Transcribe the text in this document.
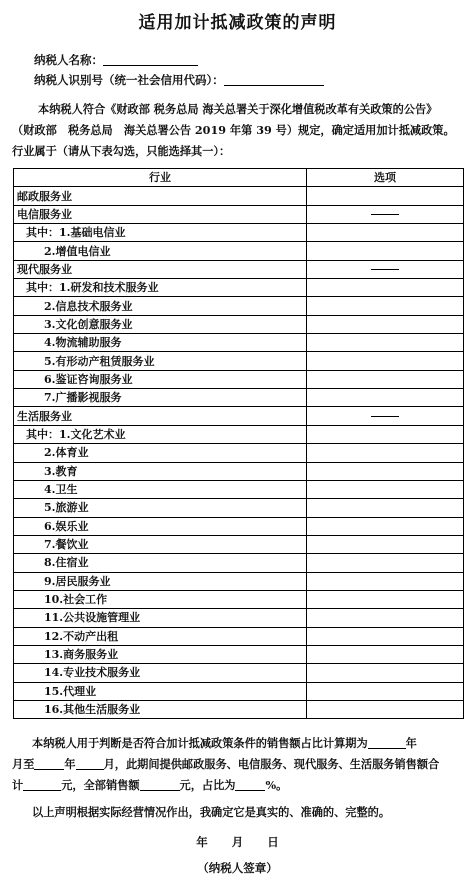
适用加计抵减政策的声明
纳税人名称：
纳税人识别号（统一社会信用代码）：
本纳税人符合《财政部 税务总局 海关总署关于深化增值税改革有关政策的公告》
（财政部　税务总局　海关总署公告 2019 年第 39 号）规定，确定适用加计抵减政策。
行业属于（请从下表勾选，只能选择其一）：
行业	选项
邮政服务业	
电信服务业	
其中：1.基础电信业	
2.增值电信业	
现代服务业	
其中：1.研发和技术服务业	
2.信息技术服务业	
3.文化创意服务业	
4.物流辅助服务	
5.有形动产租赁服务业	
6.鉴证咨询服务业	
7.广播影视服务	
生活服务业	
其中：1.文化艺术业	
2.体育业	
3.教育	
4.卫生	
5.旅游业	
6.娱乐业	
7.餐饮业	
8.住宿业	
9.居民服务业	
10.社会工作	
11.公共设施管理业	
12.不动产出租	
13.商务服务业	
14.专业技术服务业	
15.代理业	
16.其他生活服务业	
本纳税人用于判断是否符合加计抵减政策条件的销售额占比计算期为	年
月至	年	月，此期间提供邮政服务、电信服务、现代服务、生活服务销售额合
计	元，全部销售额	元，占比为	%。
以上声明根据实际经营情况作出，我确定它是真实的、准确的、完整的。
年 月 日
（纳税人签章）
